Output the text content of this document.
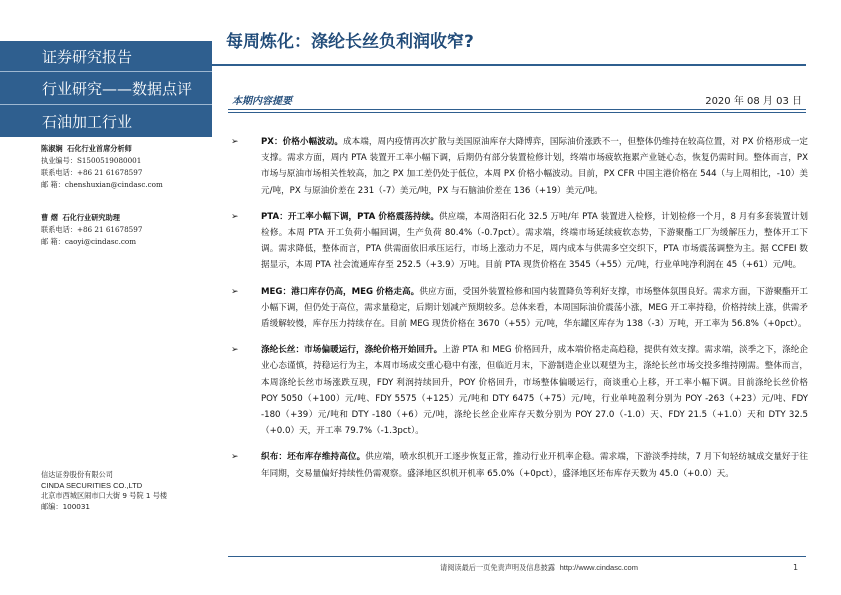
证券研究报告
行业研究——数据点评
石油加工行业
陈淑娴 石化行业首席分析师
执业编号：S1500519080001
联系电话：+86 21 61678597
邮 箱：chenshuxian@cindasc.com
曹 熠 石化行业研究助理
联系电话：+86 21 61678597
邮 箱：caoyi@cindasc.com
信达证券股份有限公司
CINDA SECURITIES CO.,LTD
北京市西城区闹市口大街 9 号院 1 号楼
邮编：100031
每周炼化：涤纶长丝负利润收窄?
本期内容提要	2020 年 08 月 03 日
➢	PX：价格小幅波动。成本端，周内疫情再次扩散与美国原油库存大降博弈，国际油价涨跌不一，但整体仍维持在较高位置，对 PX 价格形成一定支撑。需求方面，周内 PTA 装置开工率小幅下调，后期仍有部分装置检修计划，终端市场疲软拖累产业链心态，恢复仍需时间。整体而言，PX 市场与原油市场相关性较高，加之 PX 加工差仍处于低位，本周 PX 价格小幅波动。目前，PX CFR 中国主港价格在 544（与上周相比，-10）美元/吨，PX 与原油价差在 231（-7）美元/吨，PX 与石脑油价差在 136（+19）美元/吨。
➢	PTA：开工率小幅下调，PTA 价格震荡持续。供应端，本周洛阳石化 32.5 万吨/年 PTA 装置进入检修，计划检修一个月，8 月有多套装置计划检修。本周 PTA 开工负荷小幅回调，生产负荷 80.4%（-0.7pct）。需求端，终端市场延续疲软态势，下游聚酯工厂为缓解压力，整体开工下调。需求降低，整体而言，PTA 供需面依旧承压运行，市场上涨动力不足，周内成本与供需多空交织下，PTA 市场震荡调整为主。据 CCFEI 数据显示，本周 PTA 社会流通库存至 252.5（+3.9）万吨。目前 PTA 现货价格在 3545（+55）元/吨，行业单吨净利润在 45（+61）元/吨。
➢	MEG：港口库存仍高，MEG 价格走高。供应方面，受国外装置检修和国内装置降负等利好支撑，市场整体氛围良好。需求方面，下游聚酯开工小幅下调，但仍处于高位，需求量稳定，后期计划减产预期较多。总体来看，本周国际油价震荡小涨，MEG 开工率持稳，价格持续上涨，供需矛盾缓解较慢，库存压力持续存在。目前 MEG 现货价格在 3670（+55）元/吨，华东罐区库存为 138（-3）万吨，开工率为 56.8%（+0pct）。
➢	涤纶长丝：市场偏暖运行，涤纶价格开始回升。上游 PTA 和 MEG 价格回升，成本端价格走高趋稳，提供有效支撑。需求端，淡季之下，涤纶企业心态谨慎，持稳运行为主，本周市场成交重心稳中有涨，但临近月末，下游制造企业以观望为主，涤纶长丝市场交投多维持刚需。整体而言，本周涤纶长丝市场涨跌互现，FDY 利润持续回升，POY 价格回升，市场整体偏暖运行，商谈重心上移，开工率小幅下调。目前涤纶长丝价格 POY 5050（+100）元/吨、FDY 5575（+125）元/吨和 DTY 6475（+75）元/吨，行业单吨盈利分别为 POY -263（+23）元/吨、FDY -180（+39）元/吨和 DTY -180（+6）元/吨，涤纶长丝企业库存天数分别为 POY 27.0（-1.0）天、FDY 21.5（+1.0）天和 DTY 32.5（+0.0）天，开工率 79.7%（-1.3pct）。
➢	织布：坯布库存维持高位。供应端，喷水织机开工逐步恢复正常，推动行业开机率企稳。需求端，下游淡季持续，7 月下旬轻纺城成交量好于往年同期，交易量偏好持续性仍需观察。盛泽地区织机开机率 65.0%（+0pct），盛泽地区坯布库存天数为 45.0（+0.0）天。
请阅读最后一页免责声明及信息披露 http://www.cindasc.com	1
